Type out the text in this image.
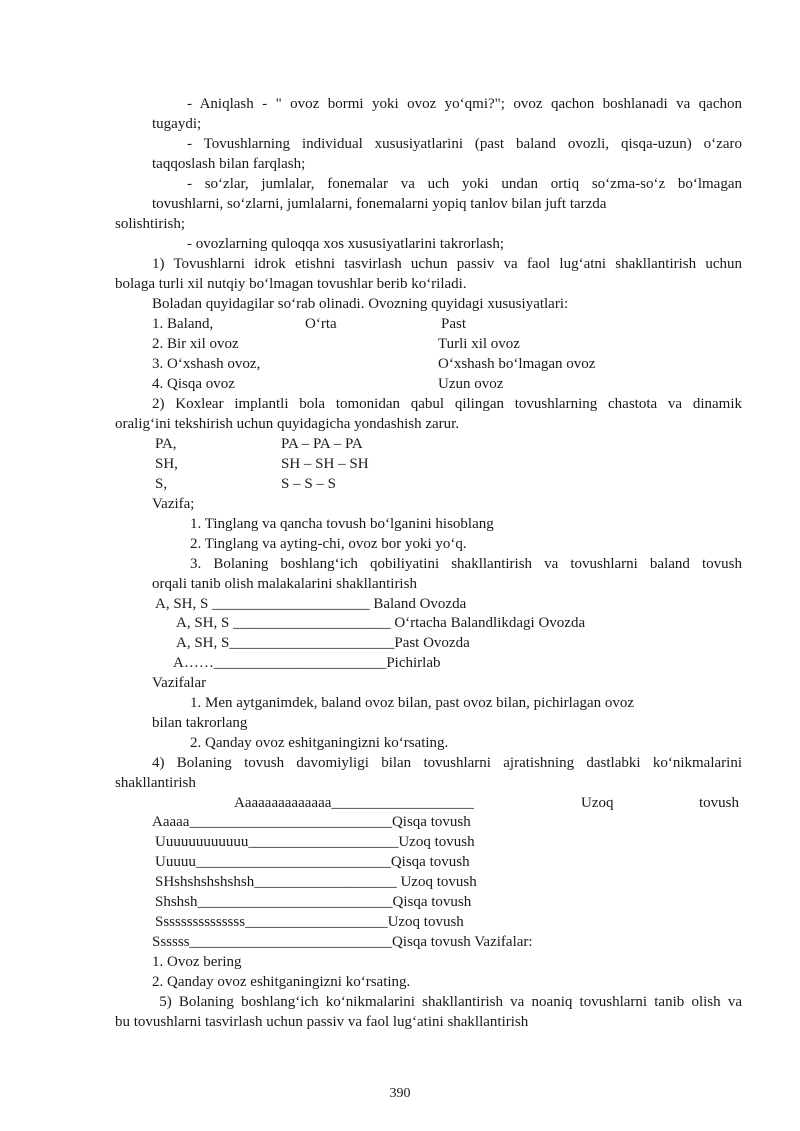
- Aniqlash - " ovoz bormi yoki ovoz yo‘qmi?"; ovoz qachon boshlanadi va qachon
tugaydi;
- Tovushlarning individual xususiyatlarini (past baland ovozli, qisqa-uzun) o‘zaro
taqqoslash bilan farqlash;
- so‘zlar, jumlalar, fonemalar va uch yoki undan ortiq so‘zma-so‘z bo‘lmagan
tovushlarni, so‘zlarni, jumlalarni, fonemalarni yopiq tanlov bilan juft tarzda
solishtirish;
- ovozlarning quloqqa xos xususiyatlarini takrorlash;
1) Tovushlarni idrok etishni tasvirlash uchun passiv va faol lug‘atni shakllantirish uchun
bolaga turli xil nutqiy bo‘lmagan tovushlar berib ko‘riladi.
Boladan quyidagilar so‘rab olinadi. Ovozning quyidagi xususiyatlari:
1. Baland,	O‘rta	Past
2. Bir xil ovoz	Turli xil ovoz
3. O‘xshash ovoz,	O‘xshash bo‘lmagan ovoz
4. Qisqa ovoz	Uzun ovoz
2) Koxlear implantli bola tomonidan qabul qilingan tovushlarning chastota va dinamik
oralig‘ini tekshirish uchun quyidagicha yondashish zarur.
PA,	PA – PA – PA
SH,	SH – SH – SH
S,	S – S – S
Vazifa;
1. Tinglang va qancha tovush bo‘lganini hisoblang
2. Tinglang va ayting-chi, ovoz bor yoki yo‘q.
3. Bolaning boshlang‘ich qobiliyatini shakllantirish va tovushlarni baland tovush
orqali tanib olish malakalarini shakllantirish
A, SH, S _____________________ Baland Ovozda
A, SH, S _____________________ O‘rtacha Balandlikdagi Ovozda
A, SH, S______________________Past Ovozda
A……_______________________Pichirlab
Vazifalar
1. Men aytganimdek, baland ovoz bilan, past ovoz bilan, pichirlagan ovoz
bilan takrorlang
2. Qanday ovoz eshitganingizni ko‘rsating.
4) Bolaning tovush davomiyligi bilan tovushlarni ajratishning dastlabki ko‘nikmalarini
shakllantirish
Aaaaaaaaaaaaaa___________________	Uzoq	tovush
Aaaaa___________________________Qisqa tovush
Uuuuuuuuuuuu____________________Uzoq tovush
Uuuuu__________________________Qisqa tovush
SHshshshshshsh___________________ Uzoq tovush
Shshsh__________________________Qisqa tovush
Sssssssssssssss___________________Uzoq tovush
Ssssss___________________________Qisqa tovush Vazifalar:
1. Ovoz bering
2. Qanday ovoz eshitganingizni ko‘rsating.
5) Bolaning boshlang‘ich ko‘nikmalarini shakllantirish va noaniq tovushlarni tanib olish va
bu tovushlarni tasvirlash uchun passiv va faol lug‘atini shakllantirish
390
